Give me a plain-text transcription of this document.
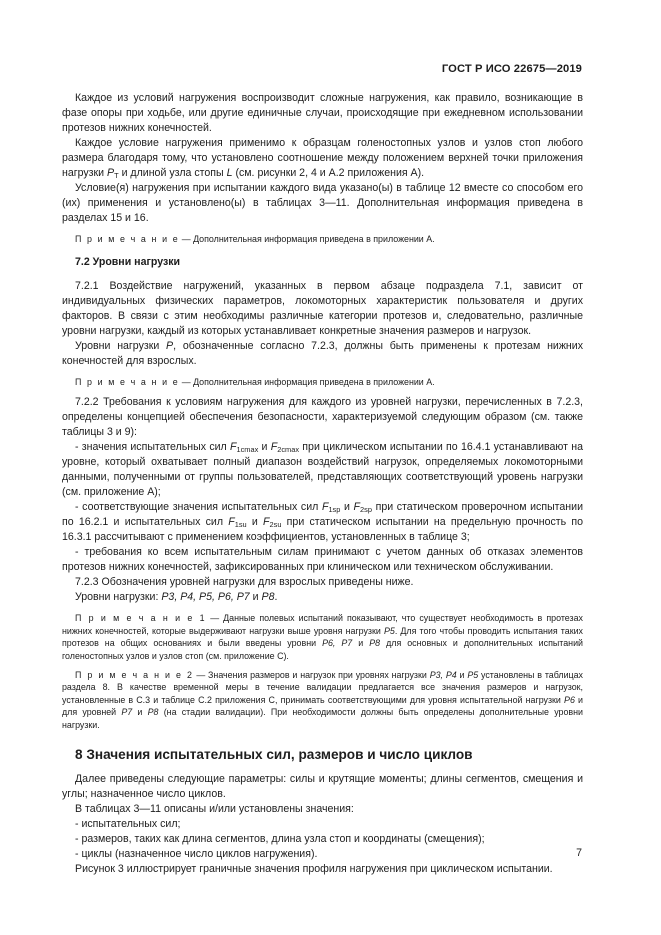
ГОСТ Р ИСО 22675—2019

Каждое из условий нагружения воспроизводит сложные нагружения, как правило, возникающие в фазе опоры при ходьбе, или другие единичные случаи, происходящие при ежедневном использовании протезов нижних конечностей.

Каждое условие нагружения применимо к образцам голеностопных узлов и узлов стоп любого размера благодаря тому, что установлено соотношение между положением верхней точки приложения нагрузки $P_T$ и длиной узла стопы L (см. рисунки 2, 4 и А.2 приложения А).

Условие(я) нагружения при испытании каждого вида указано(ы) в таблице 12 вместе со способом его (их) применения и установлено(ы) в таблицах 3—11. Дополнительная информация приведена в разделах 15 и 16.

П р и м е ч а н и е — Дополнительная информация приведена в приложении А.

7.2 Уровни нагрузки

7.2.1 Воздействие нагружений, указанных в первом абзаце подраздела 7.1, зависит от индивидуальных физических параметров, локомоторных характеристик пользователя и других факторов. В связи с этим необходимы различные категории протезов и, следовательно, различные уровни нагрузки, каждый из которых устанавливает конкретные значения размеров и нагрузок.

Уровни нагрузки P, обозначенные согласно 7.2.3, должны быть применены к протезам нижних конечностей для взрослых.

П р и м е ч а н и е — Дополнительная информация приведена в приложении А.

7.2.2 Требования к условиям нагружения для каждого из уровней нагрузки, перечисленных в 7.2.3, определены концепцией обеспечения безопасности, характеризуемой следующим образом (см. также таблицы 3 и 9):

- значения испытательных сил $F_{1cmax}$ и $F_{2cmax}$ при циклическом испытании по 16.4.1 устанавливают на уровне, который охватывает полный диапазон воздействий нагрузок, определяемых локомоторными данными, полученными от группы пользователей, представляющих соответствующий уровень нагрузки (см. приложение А);

- соответствующие значения испытательных сил $F_{1sp}$ и $F_{2sp}$ при статическом проверочном испытании по 16.2.1 и испытательных сил $F_{1su}$ и $F_{2su}$ при статическом испытании на предельную прочность по 16.3.1 рассчитывают с применением коэффициентов, установленных в таблице 3;

- требования ко всем испытательным силам принимают с учетом данных об отказах элементов протезов нижних конечностей, зафиксированных при клиническом или техническом обслуживании.

7.2.3 Обозначения уровней нагрузки для взрослых приведены ниже.

Уровни нагрузки: Р3, Р4, Р5, Р6, Р7 и Р8.

П р и м е ч а н и е 1 — Данные полевых испытаний показывают, что существует необходимость в протезах нижних конечностей, которые выдерживают нагрузки выше уровня нагрузки Р5. Для того чтобы проводить испытания таких протезов на общих основаниях и были введены уровни Р6, Р7 и Р8 для основных и дополнительных испытаний голеностопных узлов и узлов стоп (см. приложение С).

П р и м е ч а н и е 2 — Значения размеров и нагрузок при уровнях нагрузки Р3, Р4 и Р5 установлены в таблицах раздела 8. В качестве временной меры в течение валидации предлагается все значения размеров и нагрузок, установленные в С.3 и таблице С.2 приложения С, принимать соответствующими для уровня испытательной нагрузки Р6 и для уровней Р7 и Р8 (на стадии валидации). При необходимости должны быть определены дополнительные уровни нагрузки.

8 Значения испытательных сил, размеров и число циклов

Далее приведены следующие параметры: силы и крутящие моменты; длины сегментов, смещения и углы; назначенное число циклов.

В таблицах 3—11 описаны и/или установлены значения:

- испытательных сил;

- размеров, таких как длина сегментов, длина узла стоп и координаты (смещения);

- циклы (назначенное число циклов нагружения).

Рисунок 3 иллюстрирует граничные значения профиля нагружения при циклическом испытании.

7
